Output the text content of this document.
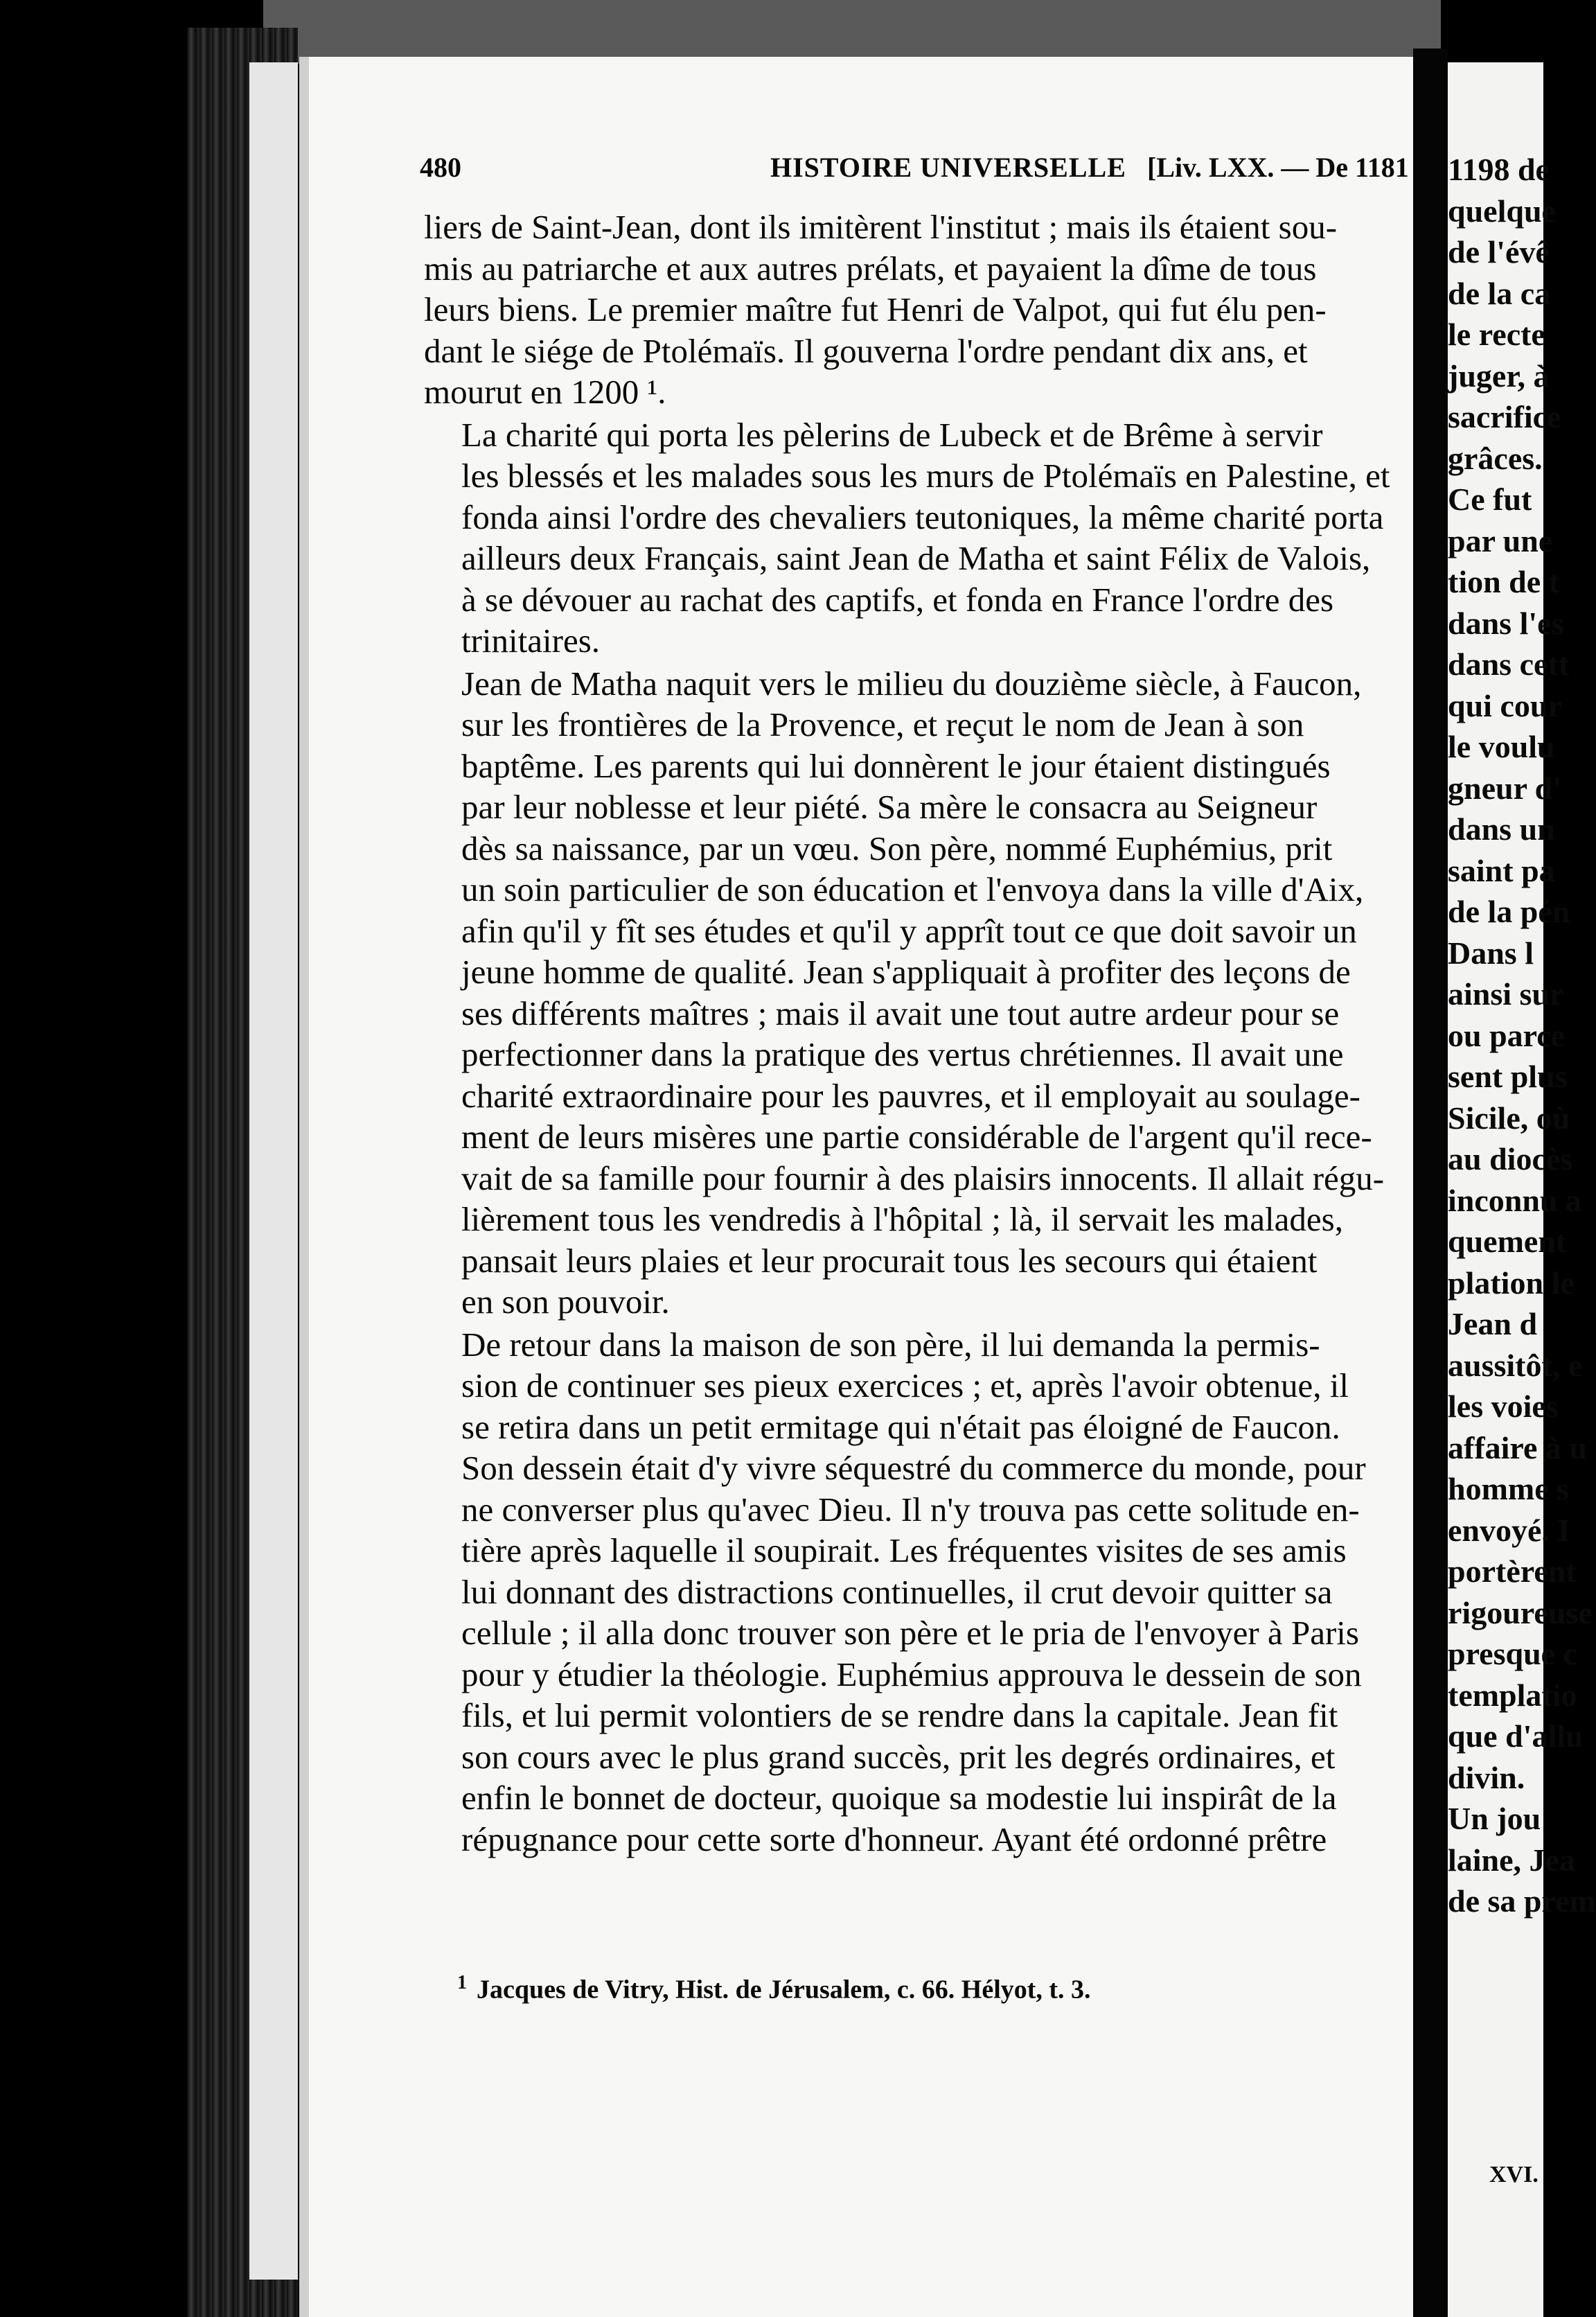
1198 de
quelque
de l'évê
de la ca
le recte
juger, à
sacrifice
grâces.
Ce fut
par une
tion de t
dans l'es
dans cett
qui cour
le voulu
gneur d'
dans un
saint pa
de la pén
Dans l
ainsi sur
ou parce
sent plus
Sicile, où
au diocès
inconnu a
quement
plation le
Jean d
aussitôt, e
les voies
affaire à u
homme s
envoyé. I
portèrent
rigoureuse
presque c
templatio
que d'allu
divin.
Un jou
laine, Jea
de sa prem
XVI.
480	HISTOIRE UNIVERSELLE [Liv. LXX. — De 1181

liers de Saint-Jean, dont ils imitèrent l'institut ; mais ils étaient sou-
mis au patriarche et aux autres prélats, et payaient la dîme de tous
leurs biens. Le premier maître fut Henri de Valpot, qui fut élu pen-
dant le siége de Ptolémaïs. Il gouverna l'ordre pendant dix ans, et
mourut en 1200 ¹.

La charité qui porta les pèlerins de Lubeck et de Brême à servir
les blessés et les malades sous les murs de Ptolémaïs en Palestine, et
fonda ainsi l'ordre des chevaliers teutoniques, la même charité porta
ailleurs deux Français, saint Jean de Matha et saint Félix de Valois,
à se dévouer au rachat des captifs, et fonda en France l'ordre des
trinitaires.

Jean de Matha naquit vers le milieu du douzième siècle, à Faucon,
sur les frontières de la Provence, et reçut le nom de Jean à son
baptême. Les parents qui lui donnèrent le jour étaient distingués
par leur noblesse et leur piété. Sa mère le consacra au Seigneur
dès sa naissance, par un vœu. Son père, nommé Euphémius, prit
un soin particulier de son éducation et l'envoya dans la ville d'Aix,
afin qu'il y fît ses études et qu'il y apprît tout ce que doit savoir un
jeune homme de qualité. Jean s'appliquait à profiter des leçons de
ses différents maîtres ; mais il avait une tout autre ardeur pour se
perfectionner dans la pratique des vertus chrétiennes. Il avait une
charité extraordinaire pour les pauvres, et il employait au soulage-
ment de leurs misères une partie considérable de l'argent qu'il rece-
vait de sa famille pour fournir à des plaisirs innocents. Il allait régu-
lièrement tous les vendredis à l'hôpital ; là, il servait les malades,
pansait leurs plaies et leur procurait tous les secours qui étaient
en son pouvoir.

De retour dans la maison de son père, il lui demanda la permis-
sion de continuer ses pieux exercices ; et, après l'avoir obtenue, il
se retira dans un petit ermitage qui n'était pas éloigné de Faucon.
Son dessein était d'y vivre séquestré du commerce du monde, pour
ne converser plus qu'avec Dieu. Il n'y trouva pas cette solitude en-
tière après laquelle il soupirait. Les fréquentes visites de ses amis
lui donnant des distractions continuelles, il crut devoir quitter sa
cellule ; il alla donc trouver son père et le pria de l'envoyer à Paris
pour y étudier la théologie. Euphémius approuva le dessein de son
fils, et lui permit volontiers de se rendre dans la capitale. Jean fit
son cours avec le plus grand succès, prit les degrés ordinaires, et
enfin le bonnet de docteur, quoique sa modestie lui inspirât de la
répugnance pour cette sorte d'honneur. Ayant été ordonné prêtre

$^1$ Jacques de Vitry, Hist. de Jérusalem, c. 66. Hélyot, t. 3.
